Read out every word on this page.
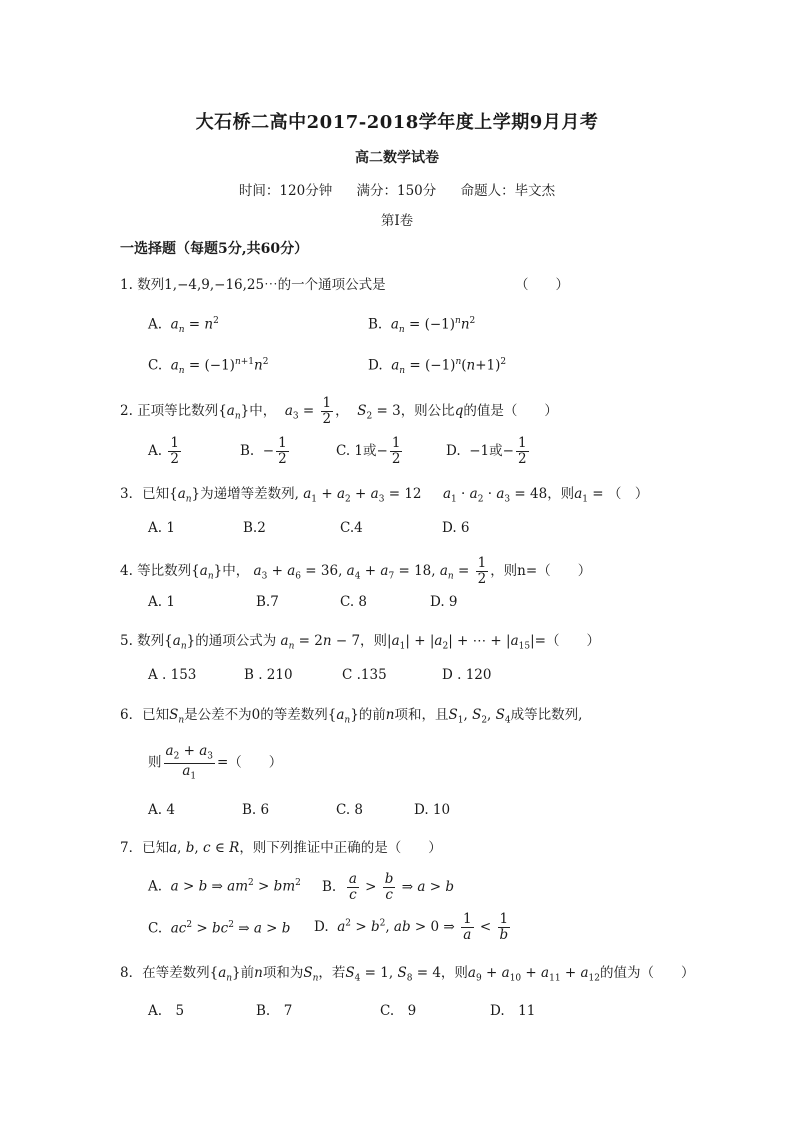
大石桥二高中2017-2018学年度上学期9月月考
高二数学试卷
时间：120分钟 满分：150分 命题人：毕文杰
第Ⅰ卷
一选择题（每题5分,共60分）
1. 数列1,−4,9,−16,25⋯的一个通项公式是	（　　）
A. $a_n = n^2$	B. $a_n = (-1)^nn^2$
C. $a_n = (-1)^{n+1}n^2$	D. $a_n = (-1)^n(n+1)^2$
2. 正项等比数列$\{a_n\}$中， $a_3 = \frac{1}{2}$ ， $S_2 = 3$，则公比q的值是（　　）
A. $\frac{1}{2}$	B.  − $\frac{1}{2}$	C. 1或− $\frac{1}{2}$	D. −1或− $\frac{1}{2}$
3．已知$\{a_n\}$为递增等差数列, $a_1 + a_2 + a_3 = 12$     $a_1 \cdot a_2 \cdot a_3 = 48$，则$a_1$ = （　）
A. 1	B.2	C.4	D. 6
4. 等比数列$\{a_n\}$中， $a_3 + a_6 = 36$, $a_4 + a_7 = 18$, $a_n = \frac{1}{2}$ ，则n=（　　）
A. 1	B.7	C. 8	D. 9
5. 数列$\{a_n\}$的通项公式为 $a_n = 2n - 7$，则$|a_1| + |a_2|$ + ⋯ + $|a_{15}|=$（　　）
A . 153	B . 210	C .135	D . 120
6．已知$S_n$是公差不为0的等差数列$\{a_n\}$的前n项和，且$S_1$, $S_2$, $S_4$成等比数列,
则 $\frac{a_2 + a_3}{a_1}$ =（　　）
A. 4	B. 6	C. 8	D. 10
7．已知a, b, c ∈ R，则下列推证中正确的是（　　）
A. a > b ⇒ $am^2 > bm^2$ B. $\frac{a}{c} > \frac{b}{c}$ ⇒ a > b
C. $ac^2 > bc^2$ ⇒ a > b D. $a^2 > b^2$, ab > 0 ⇒ $\frac{1}{a} < \frac{1}{b}$
8．在等差数列$\{a_n\}$前n项和为$S_n$，若$S_4 = 1$, $S_8 = 4$，则$a_9 + a_{10} + a_{11} + a_{12}$的值为（　　）
A.　5	B.　7	C.　9	D.　11
